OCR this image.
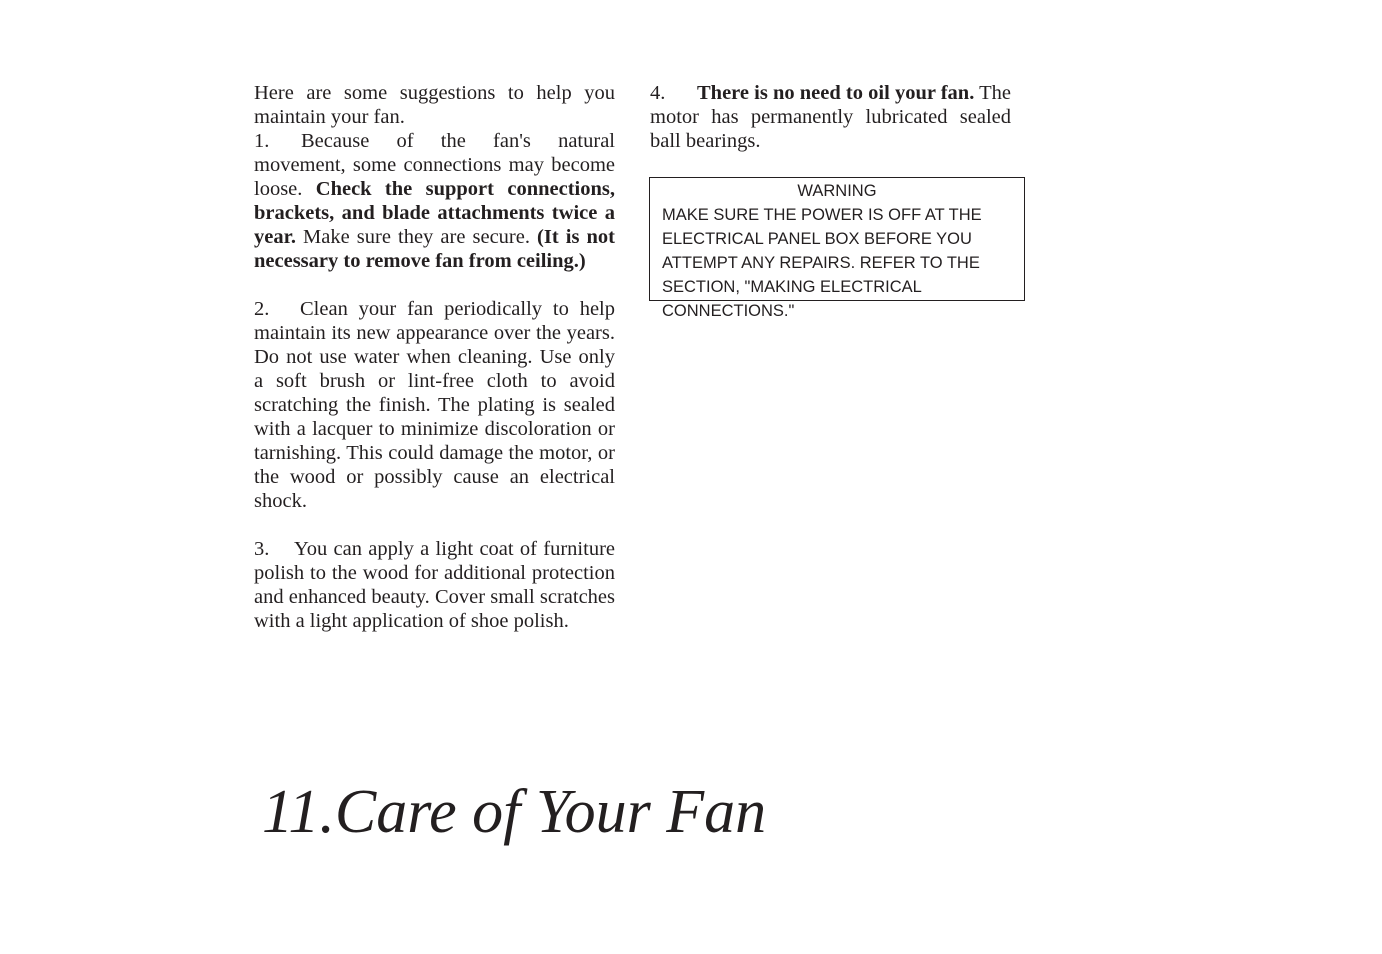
Here are some suggestions to help you maintain your fan.

1. Because of the fan's natural movement, some connections may become loose. Check the support connections, brackets, and blade attachments twice a year. Make sure they are secure. (It is not necessary to remove fan from ceiling.)

2. Clean your fan periodically to help maintain its new appearance over the years. Do not use water when cleaning. Use only a soft brush or lint-free cloth to avoid scratching the finish. The plating is sealed with a lacquer to minimize discoloration or tarnishing. This could damage the motor, or the wood or possibly cause an electrical shock.

3. You can apply a light coat of furniture polish to the wood for additional protection and enhanced beauty. Cover small scratches with a light application of shoe polish.

4. There is no need to oil your fan. The motor has permanently lubricated sealed ball bearings.

WARNING
MAKE SURE THE POWER IS OFF AT THE ELECTRICAL PANEL BOX BEFORE YOU ATTEMPT ANY REPAIRS. REFER TO THE SECTION, "MAKING ELECTRICAL CONNECTIONS."
11.Care of Your Fan
